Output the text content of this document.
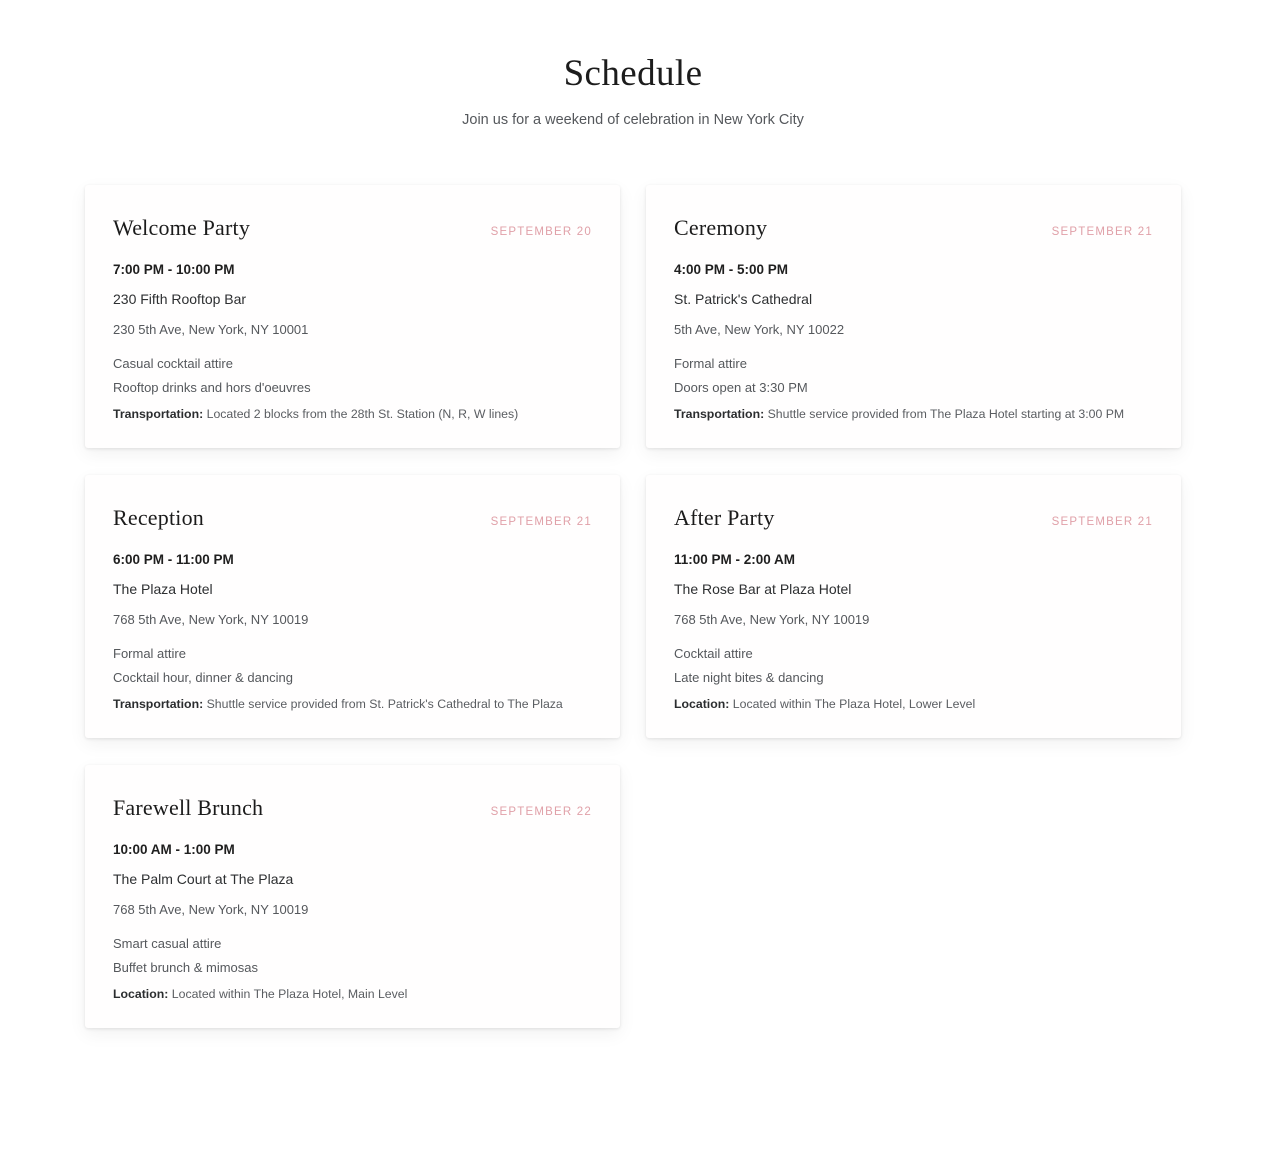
Schedule

Join us for a weekend of celebration in New York City

Welcome Party	SEPTEMBER 20
7:00 PM - 10:00 PM
230 Fifth Rooftop Bar
230 5th Ave, New York, NY 10001
Casual cocktail attire
Rooftop drinks and hors d'oeuvres
Transportation: Located 2 blocks from the 28th St. Station (N, R, W lines)
Ceremony	SEPTEMBER 21
4:00 PM - 5:00 PM
St. Patrick's Cathedral
5th Ave, New York, NY 10022
Formal attire
Doors open at 3:30 PM
Transportation: Shuttle service provided from The Plaza Hotel starting at 3:00 PM
Reception	SEPTEMBER 21
6:00 PM - 11:00 PM
The Plaza Hotel
768 5th Ave, New York, NY 10019
Formal attire
Cocktail hour, dinner & dancing
Transportation: Shuttle service provided from St. Patrick's Cathedral to The Plaza
After Party	SEPTEMBER 21
11:00 PM - 2:00 AM
The Rose Bar at Plaza Hotel
768 5th Ave, New York, NY 10019
Cocktail attire
Late night bites & dancing
Location: Located within The Plaza Hotel, Lower Level
Farewell Brunch	SEPTEMBER 22
10:00 AM - 1:00 PM
The Palm Court at The Plaza
768 5th Ave, New York, NY 10019
Smart casual attire
Buffet brunch & mimosas
Location: Located within The Plaza Hotel, Main Level
